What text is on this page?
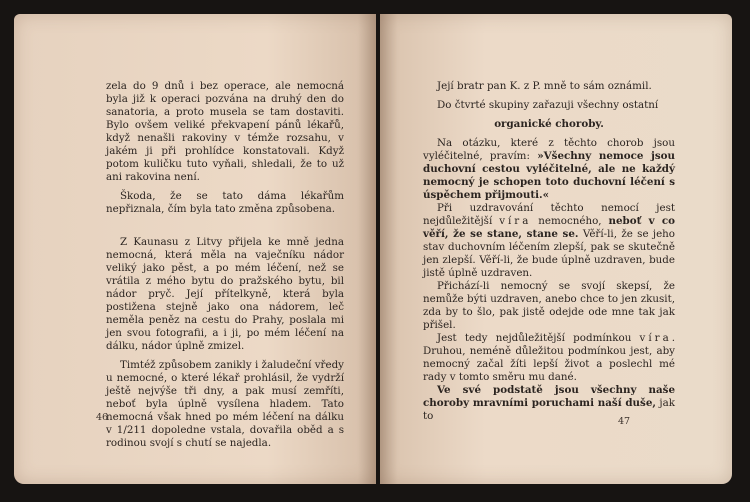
zela do 9 dnů i bez operace, ale nemocná byla již k operaci pozvána na druhý den do sanatoria, a proto musela se tam dostaviti. Bylo ovšem veliké překvapení pánů lékařů, když nenašli rakoviny v témže rozsahu, v jakém ji při prohlídce konstatovali. Když potom kuličku tuto vyňali, shledali, že to už ani rakovina není.

Škoda, že se tato dáma lékařům nepřiznala, čím byla tato změna způsobena.

Z Kaunasu z Litvy přijela ke mně jedna nemocná, která měla na vaječníku nádor veliký jako pěst, a po mém léčení, než se vrátila z mého bytu do pražského bytu, bil nádor pryč. Její přítelkyně, která byla postižena stejně jako ona nádorem, leč neměla peněz na cestu do Prahy, poslala mi jen svou fotografii, a i ji, po mém léčení na dálku, nádor úplně zmizel.

Timtéž způsobem zanikly i žaludeční vředy u nemocné, o které lékař prohlásil, že vydrží ještě nejvýše tři dny, a pak musí zemříti, neboť byla úplně vysílena hladem. Tato nemocná však hned po mém léčení na dálku v 1/211 dopoledne vstala, dovařila oběd a s rodinou svojí s chutí se najedla.

46

Její bratr pan K. z P. mně to sám oznámil.

Do čtvrté skupiny zařazuji všechny ostatní

organické choroby.

Na otázku, které z těchto chorob jsou vyléčitelné, pravím: »Všechny nemoce jsou duchovní cestou vyléčitelné, ale ne každý nemocný je schopen toto duchovní léčení s úspěchem přijmouti.«

Při uzdravování těchto nemocí jest nejdůležitější víra nemocného, neboť v co věří, že se stane, stane se. Věří-li, že se jeho stav duchovním léčením zlepší, pak se skutečně jen zlepší. Věří-li, že bude úplně uzdraven, bude jistě úplně uzdraven.

Přichází-li nemocný se svojí skepsí, že nemůže býti uzdraven, anebo chce to jen zkusit, zda by to šlo, pak jistě odejde ode mne tak jak přišel.

Jest tedy nejdůležitější podmínkou víra. Druhou, neméně důležitou podmínkou jest, aby nemocný začal žíti lepší život a poslechl mé rady v tomto směru mu dané.

Ve své podstatě jsou všechny naše choroby mravními poruchami naší duše, jak to	47
